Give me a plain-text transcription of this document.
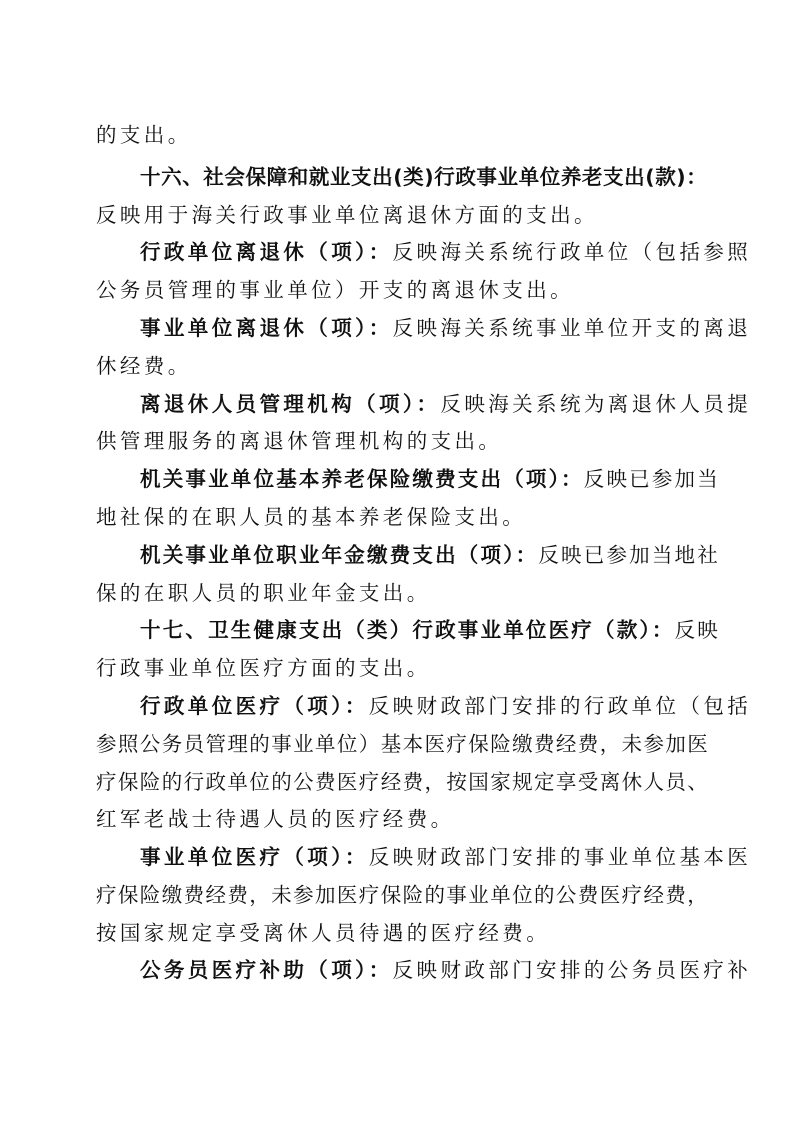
的支出。
十六、社会保障和就业支出(类)行政事业单位养老支出(款)：
反映用于海关行政事业单位离退休方面的支出。
行政单位离退休（项）：反映海关系统行政单位（包括参照
公务员管理的事业单位）开支的离退休支出。
事业单位离退休（项）：反映海关系统事业单位开支的离退
休经费。
离退休人员管理机构（项）：反映海关系统为离退休人员提
供管理服务的离退休管理机构的支出。
机关事业单位基本养老保险缴费支出（项）：反映已参加当
地社保的在职人员的基本养老保险支出。
机关事业单位职业年金缴费支出（项）：反映已参加当地社
保的在职人员的职业年金支出。
十七、卫生健康支出（类）行政事业单位医疗（款）：反映
行政事业单位医疗方面的支出。
行政单位医疗（项）：反映财政部门安排的行政单位（包括
参照公务员管理的事业单位）基本医疗保险缴费经费，未参加医
疗保险的行政单位的公费医疗经费，按国家规定享受离休人员、
红军老战士待遇人员的医疗经费。
事业单位医疗（项）：反映财政部门安排的事业单位基本医
疗保险缴费经费，未参加医疗保险的事业单位的公费医疗经费，
按国家规定享受离休人员待遇的医疗经费。
公务员医疗补助（项）：反映财政部门安排的公务员医疗补
